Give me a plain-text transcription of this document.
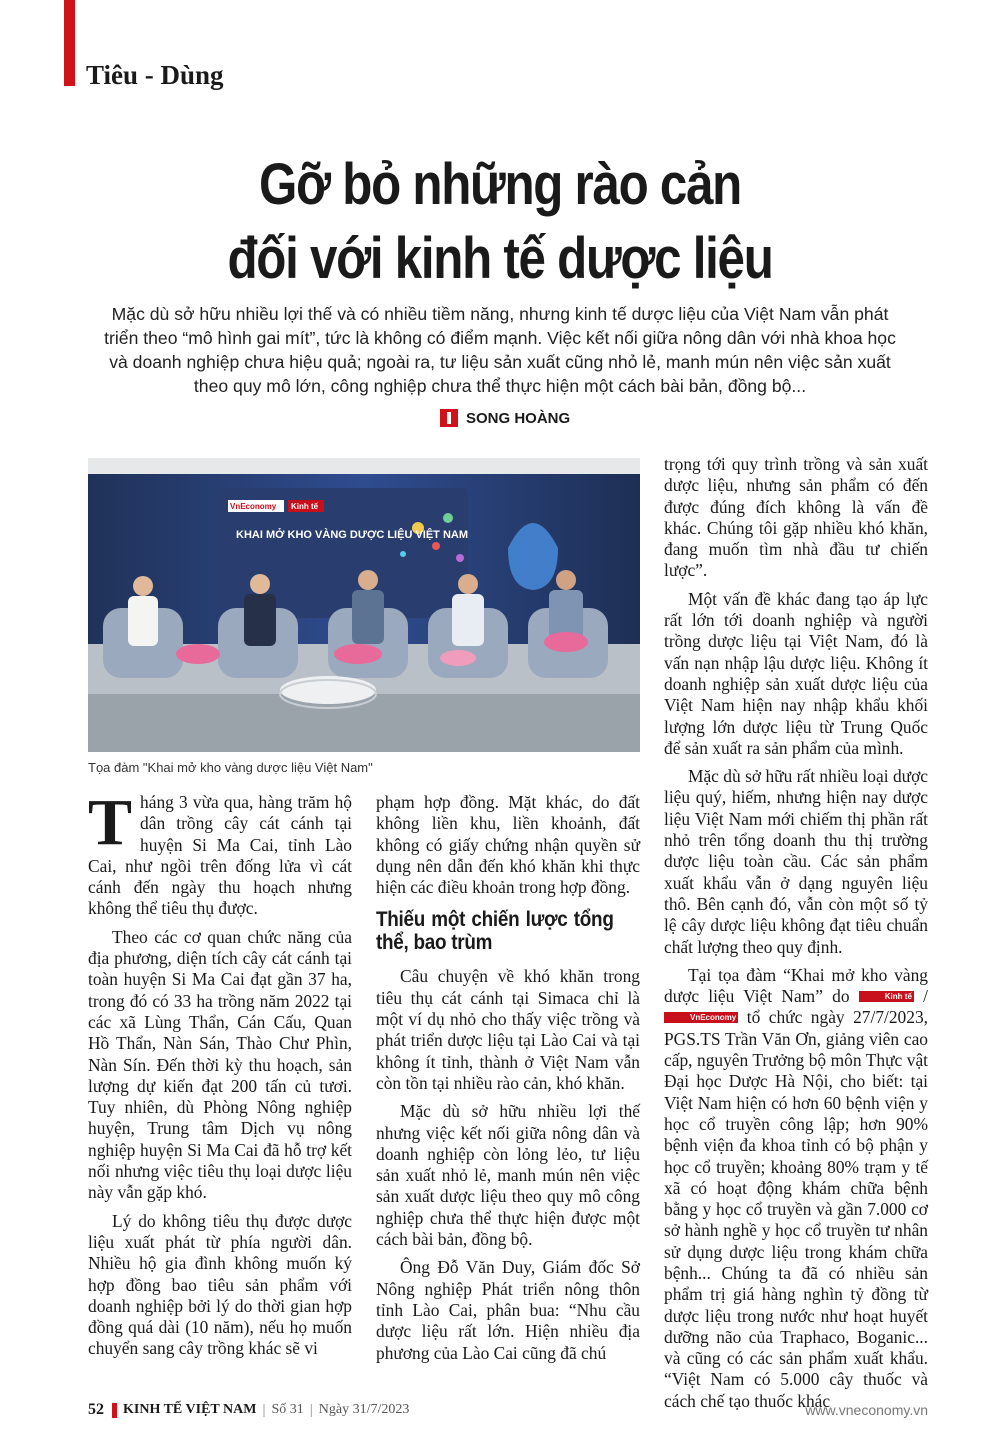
Tiêu - Dùng
Gỡ bỏ những rào cản
đối với kinh tế dược liệu
Mặc dù sở hữu nhiều lợi thế và có nhiều tiềm năng, nhưng kinh tế dược liệu của Việt Nam vẫn phát triển theo “mô hình gai mít”, tức là không có điểm mạnh. Việc kết nối giữa nông dân với nhà khoa học và doanh nghiệp chưa hiệu quả; ngoài ra, tư liệu sản xuất cũng nhỏ lẻ, manh mún nên việc sản xuất theo quy mô lớn, công nghiệp chưa thể thực hiện một cách bài bản, đồng bộ...
SONG HOÀNG
VnEconomy Kinh tế
KHAI MỞ KHO VÀNG DƯỢC LIỆU VIỆT NAM
Tọa đàm "Khai mở kho vàng dược liệu Việt Nam"

Tháng 3 vừa qua, hàng trăm hộ dân trồng cây cát cánh tại huyện Si Ma Cai, tỉnh Lào Cai, như ngồi trên đống lửa vì cát cánh đến ngày thu hoạch nhưng không thể tiêu thụ được.

Theo các cơ quan chức năng của địa phương, diện tích cây cát cánh tại toàn huyện Si Ma Cai đạt gần 37 ha, trong đó có 33 ha trồng năm 2022 tại các xã Lùng Thẩn, Cán Cấu, Quan Hồ Thẩn, Nàn Sán, Thào Chư Phìn, Nàn Sín. Đến thời kỳ thu hoạch, sản lượng dự kiến đạt 200 tấn củ tươi. Tuy nhiên, dù Phòng Nông nghiệp huyện, Trung tâm Dịch vụ nông nghiệp huyện Si Ma Cai đã hỗ trợ kết nối nhưng việc tiêu thụ loại dược liệu này vẫn gặp khó.

Lý do không tiêu thụ được dược liệu xuất phát từ phía người dân. Nhiều hộ gia đình không muốn ký hợp đồng bao tiêu sản phẩm với doanh nghiệp bởi lý do thời gian hợp đồng quá dài (10 năm), nếu họ muốn chuyển sang cây trồng khác sẽ vi

phạm hợp đồng. Mặt khác, do đất không liền khu, liền khoảnh, đất không có giấy chứng nhận quyền sử dụng nên dẫn đến khó khăn khi thực hiện các điều khoản trong hợp đồng.

Thiếu một chiến lược tổng thể, bao trùm

Câu chuyện về khó khăn trong tiêu thụ cát cánh tại Simaca chỉ là một ví dụ nhỏ cho thấy việc trồng và phát triển dược liệu tại Lào Cai và tại không ít tỉnh, thành ở Việt Nam vẫn còn tồn tại nhiều rào cản, khó khăn.

Mặc dù sở hữu nhiều lợi thế nhưng việc kết nối giữa nông dân và doanh nghiệp còn lỏng lẻo, tư liệu sản xuất nhỏ lẻ, manh mún nên việc sản xuất dược liệu theo quy mô công nghiệp chưa thể thực hiện được một cách bài bản, đồng bộ.

Ông Đỗ Văn Duy, Giám đốc Sở Nông nghiệp Phát triển nông thôn tỉnh Lào Cai, phân bua: “Nhu cầu dược liệu rất lớn. Hiện nhiều địa phương của Lào Cai cũng đã chú

trọng tới quy trình trồng và sản xuất dược liệu, nhưng sản phẩm có đến được đúng đích không là vấn đề khác. Chúng tôi gặp nhiều khó khăn, đang muốn tìm nhà đầu tư chiến lược”.

Một vấn đề khác đang tạo áp lực rất lớn tới doanh nghiệp và người trồng dược liệu tại Việt Nam, đó là vấn nạn nhập lậu dược liệu. Không ít doanh nghiệp sản xuất dược liệu của Việt Nam hiện nay nhập khẩu khối lượng lớn dược liệu từ Trung Quốc để sản xuất ra sản phẩm của mình.

Mặc dù sở hữu rất nhiều loại dược liệu quý, hiếm, nhưng hiện nay dược liệu Việt Nam mới chiếm thị phần rất nhỏ trên tổng doanh thu thị trường dược liệu toàn cầu. Các sản phẩm xuất khẩu vẫn ở dạng nguyên liệu thô. Bên cạnh đó, vẫn còn một số tỷ lệ cây dược liệu không đạt tiêu chuẩn chất lượng theo quy định.

Tại tọa đàm “Khai mở kho vàng dược liệu Việt Nam” do	Kinh tế / VnEconomy tổ chức ngày 27/7/2023, PGS.TS Trần Văn Ơn, giảng viên cao cấp, nguyên Trưởng bộ môn Thực vật Đại học Dược Hà Nội, cho biết: tại Việt Nam hiện có hơn 60 bệnh viện y học cổ truyền công lập; hơn 90% bệnh viện đa khoa tỉnh có bộ phận y học cổ truyền; khoảng 80% trạm y tế xã có hoạt động khám chữa bệnh bằng y học cổ truyền và gần 7.000 cơ sở hành nghề y học cổ truyền tư nhân sử dụng dược liệu trong khám chữa bệnh... Chúng ta đã có nhiều sản phẩm trị giá hàng nghìn tỷ đồng từ dược liệu trong nước như hoạt huyết dưỡng não của Traphaco, Boganic... và cũng có các sản phẩm xuất khẩu. “Việt Nam có 5.000 cây thuốc và cách chế tạo thuốc khác

52 KINH TẾ VIỆT NAM | Số 31 | Ngày 31/7/2023	www.vneconomy.vn
